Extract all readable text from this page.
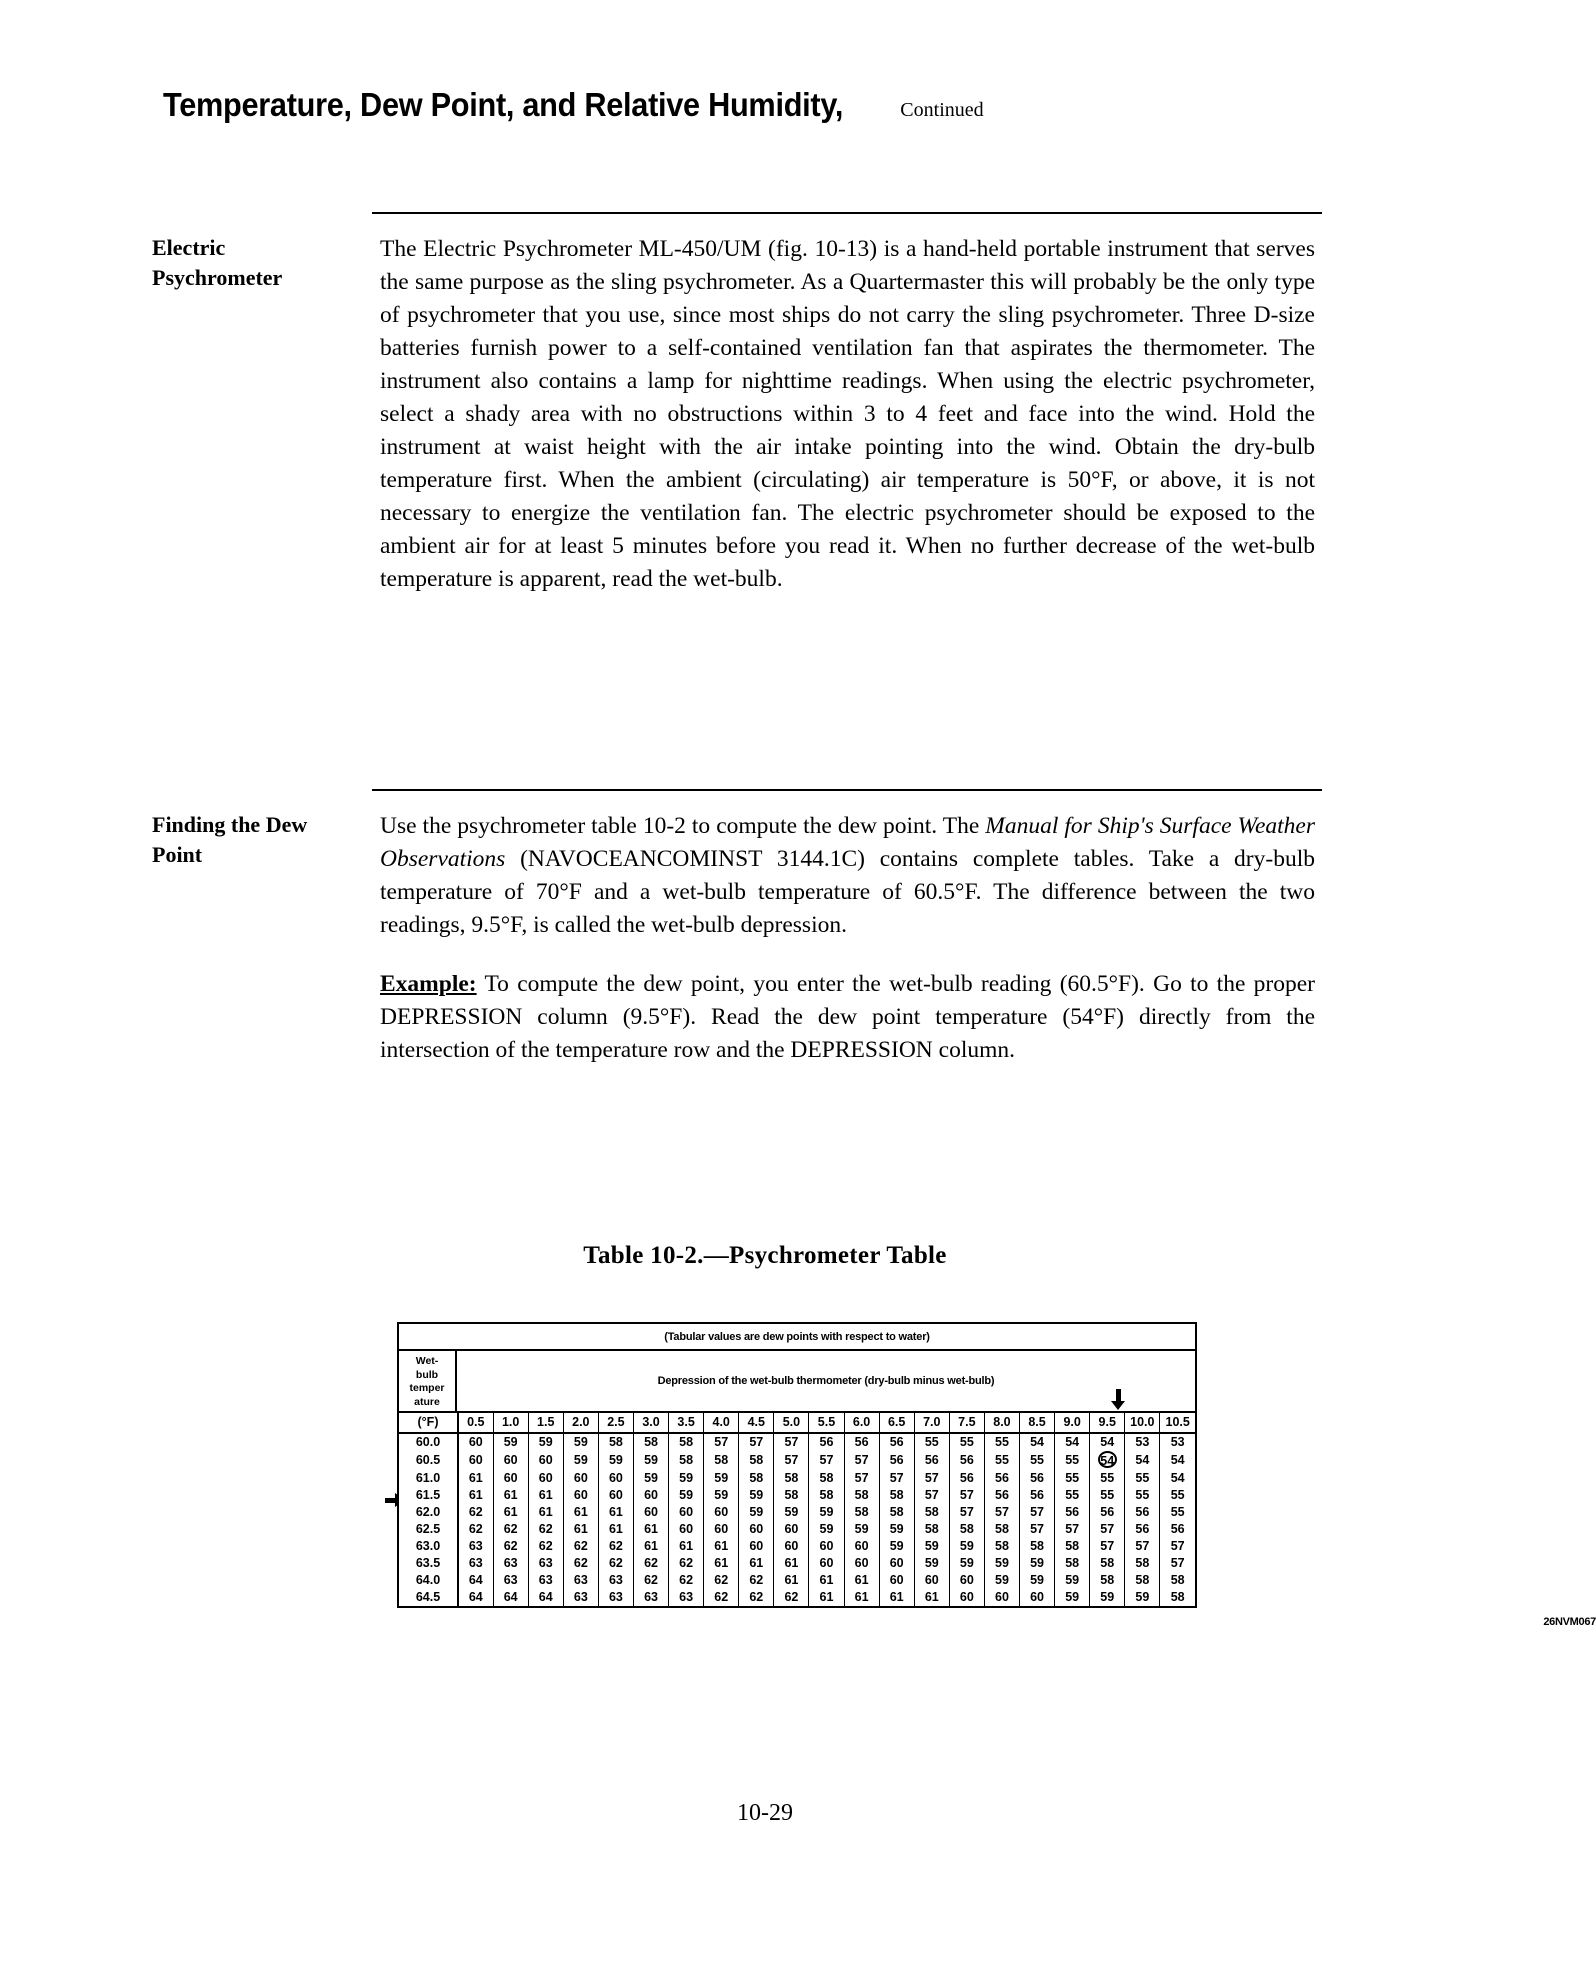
Temperature, Dew Point, and Relative Humidity,	Continued
Electric
Psychrometer

The Electric Psychrometer ML-450/UM (fig. 10-13) is a hand-held portable instrument that serves the same purpose as the sling psychrometer. As a Quartermaster this will probably be the only type of psychrometer that you use, since most ships do not carry the sling psychrometer. Three D-size batteries furnish power to a self-contained ventilation fan that aspirates the thermometer. The instrument also contains a lamp for nighttime readings. When using the electric psychrometer, select a shady area with no obstructions within 3 to 4 feet and face into the wind. Hold the instrument at waist height with the air intake pointing into the wind. Obtain the dry-bulb temperature first. When the ambient (circulating) air temperature is 50°F, or above, it is not necessary to energize the ventilation fan. The electric psychrometer should be exposed to the ambient air for at least 5 minutes before you read it. When no further decrease of the wet-bulb temperature is apparent, read the wet-bulb.

Finding the Dew
Point

Use the psychrometer table 10-2 to compute the dew point. The Manual for Ship's Surface Weather Observations (NAVOCEANCOMINST 3144.1C) contains complete tables. Take a dry-bulb temperature of 70°F and a wet-bulb temperature of 60.5°F. The difference between the two readings, 9.5°F, is called the wet-bulb depression.

Example: To compute the dew point, you enter the wet-bulb reading (60.5°F). Go to the proper DEPRESSION column (9.5°F). Read the dew point temperature (54°F) directly from the intersection of the temperature row and the DEPRESSION column.

Table 10-2.—Psychrometer Table
(Tabular values are dew points with respect to water)
Wet-
bulb
temper
ature
Depression of the wet-bulb thermometer (dry-bulb minus wet-bulb)
(°F)	0.5	1.0	1.5	2.0	2.5	3.0	3.5	4.0	4.5	5.0	5.5	6.0	6.5	7.0	7.5	8.0	8.5	9.0	9.5	10.0	10.5
60.0	60	59	59	59	58	58	58	57	57	57	56	56	56	55	55	55	54	54	54	53	53
60.5	60	60	60	59	59	59	58	58	58	57	57	57	56	56	56	55	55	55	54	54	54
61.0	61	60	60	60	60	59	59	59	58	58	58	57	57	57	56	56	56	55	55	55	54
61.5	61	61	61	60	60	60	59	59	59	58	58	58	58	57	57	56	56	55	55	55	55
62.0	62	61	61	61	61	60	60	60	59	59	59	58	58	58	57	57	57	56	56	56	55
62.5	62	62	62	61	61	61	60	60	60	60	59	59	59	58	58	58	57	57	57	56	56
63.0	63	62	62	62	62	61	61	61	60	60	60	60	59	59	59	58	58	58	57	57	57
63.5	63	63	63	62	62	62	62	61	61	61	60	60	60	59	59	59	59	58	58	58	57
64.0	64	63	63	63	63	62	62	62	62	61	61	61	60	60	60	59	59	59	58	58	58
64.5	64	64	64	63	63	63	63	62	62	62	61	61	61	61	60	60	60	59	59	59	58
26NVM067
10-29
